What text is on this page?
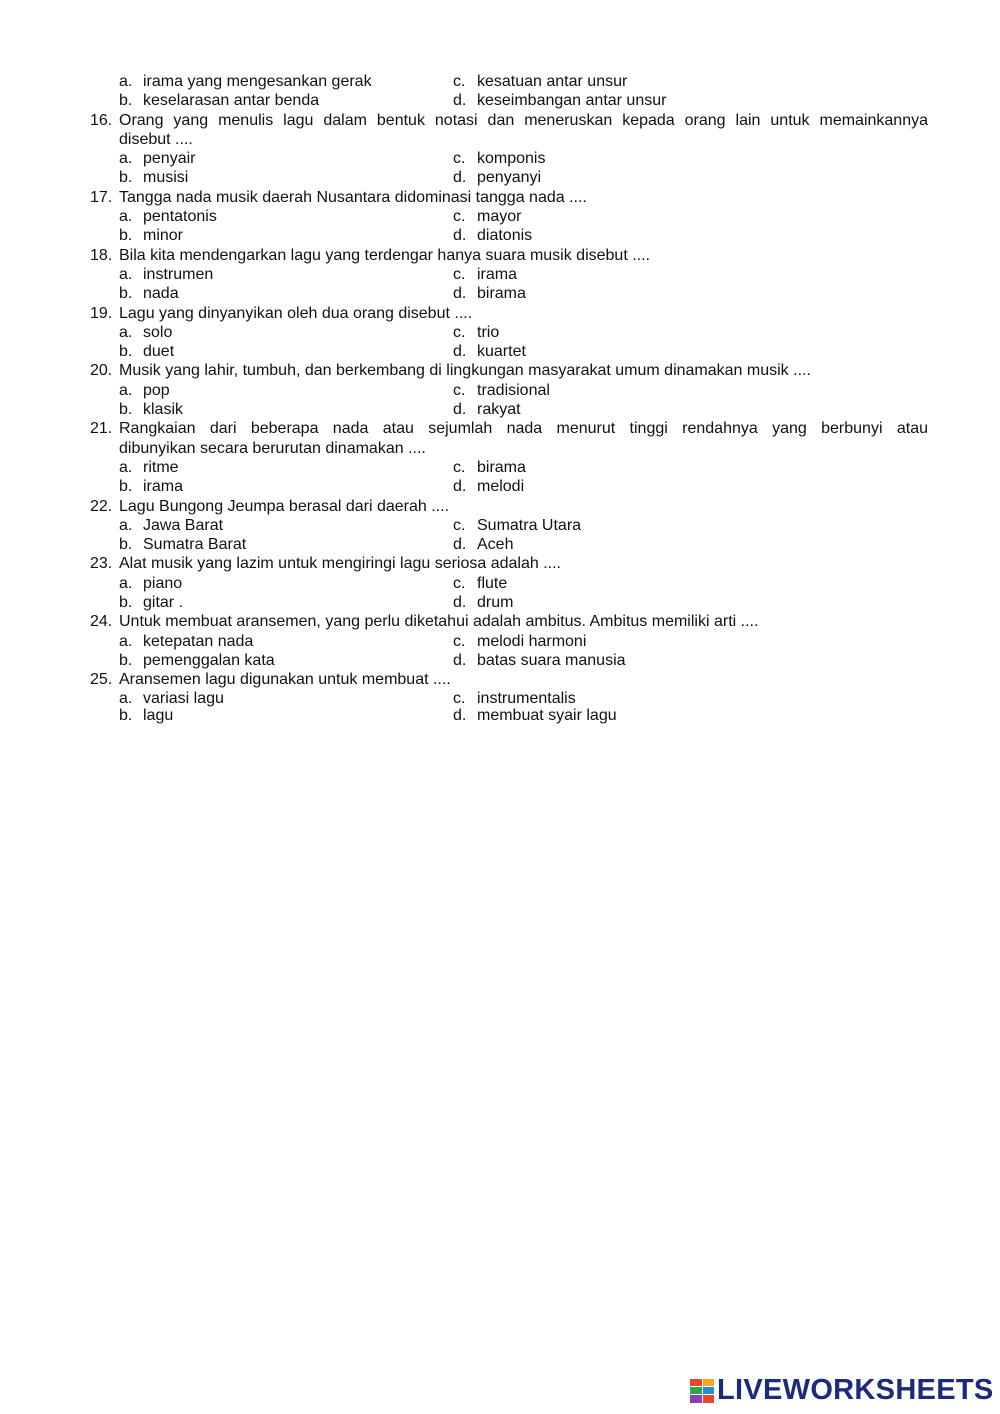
a. irama yang mengesankan gerak	c. kesatuan antar unsur
b. keselarasan antar benda	d. keseimbangan antar unsur
16. Orang yang menulis lagu dalam bentuk notasi dan meneruskan kepada orang lain untuk memainkannya
disebut ....
a. penyair	c. komponis
b. musisi	d. penyanyi
17. Tangga nada musik daerah Nusantara didominasi tangga nada ....
a. pentatonis	c. mayor
b. minor	d. diatonis
18. Bila kita mendengarkan lagu yang terdengar hanya suara musik disebut ....
a. instrumen	c. irama
b. nada	d. birama
19. Lagu yang dinyanyikan oleh dua orang disebut ....
a. solo	c. trio
b. duet	d. kuartet
20. Musik yang lahir, tumbuh, dan berkembang di lingkungan masyarakat umum dinamakan musik ....
a. pop	c. tradisional
b. klasik	d. rakyat
21. Rangkaian dari beberapa nada atau sejumlah nada menurut tinggi rendahnya yang berbunyi atau
dibunyikan secara berurutan dinamakan ....
a. ritme	c. birama
b. irama	d. melodi
22. Lagu Bungong Jeumpa berasal dari daerah ....
a. Jawa Barat	c. Sumatra Utara
b. Sumatra Barat	d. Aceh
23. Alat musik yang lazim untuk mengiringi lagu seriosa adalah ....
a. piano	c. flute
b. gitar .	d. drum
24. Untuk membuat aransemen, yang perlu diketahui adalah ambitus. Ambitus memiliki arti ....
a. ketepatan nada	c. melodi harmoni
b. pemenggalan kata	d. batas suara manusia
25. Aransemen lagu digunakan untuk membuat ....
a. variasi lagu	c. instrumentalis
b. lagu	d. membuat syair lagu
LIVEWORKSHEETS
